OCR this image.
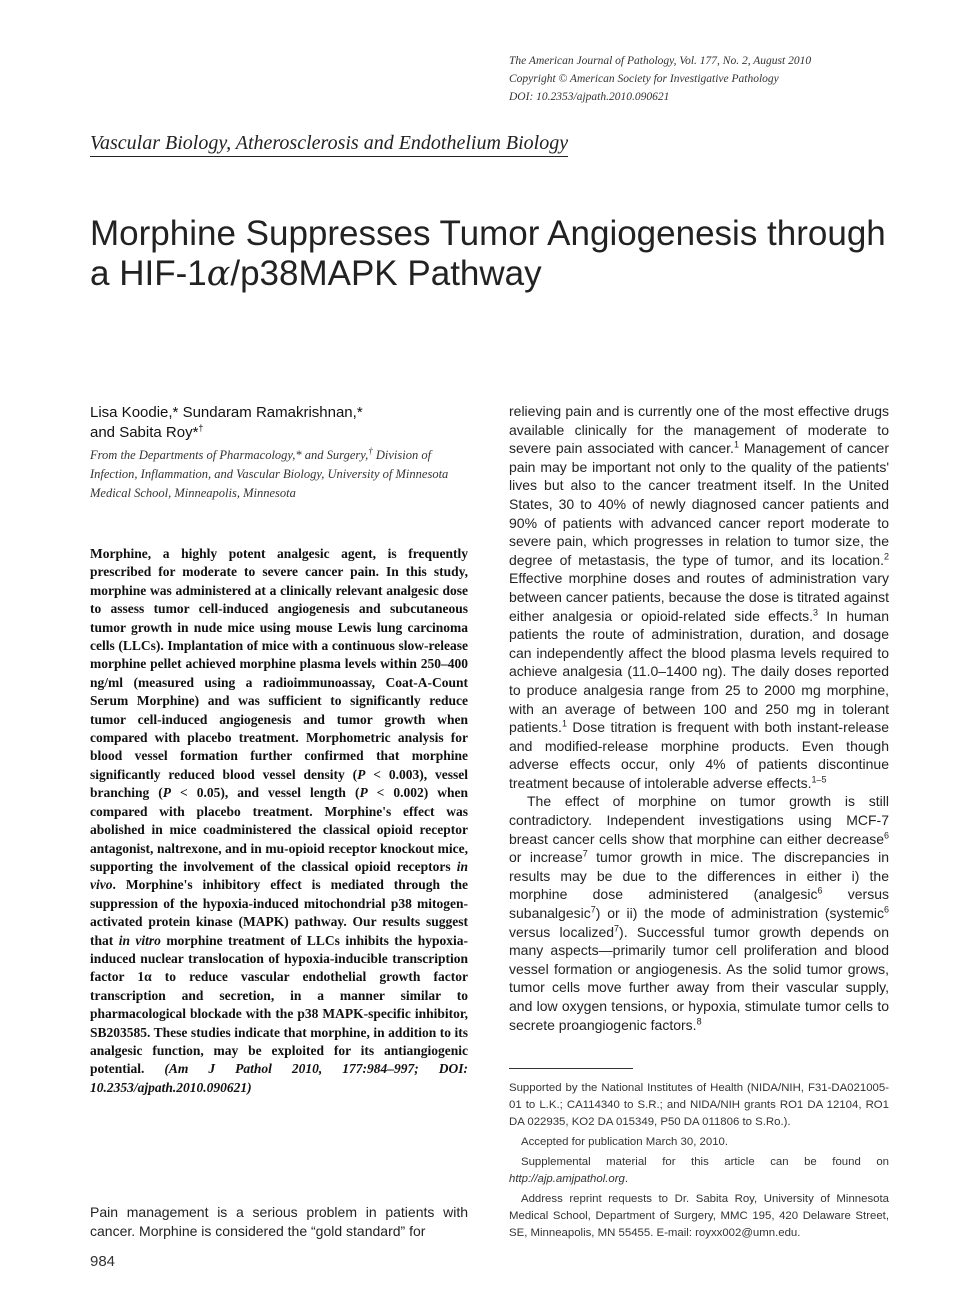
The American Journal of Pathology, Vol. 177, No. 2, August 2010
Copyright © American Society for Investigative Pathology
DOI: 10.2353/ajpath.2010.090621
Vascular Biology, Atherosclerosis and Endothelium Biology
Morphine Suppresses Tumor Angiogenesis through
a HIF-1α/p38MAPK Pathway
Lisa Koodie,* Sundaram Ramakrishnan,*
and Sabita Roy*†
From the Departments of Pharmacology,* and Surgery,† Division of Infection, Inflammation, and Vascular Biology, University of Minnesota Medical School, Minneapolis, Minnesota
Morphine, a highly potent analgesic agent, is frequently prescribed for moderate to severe cancer pain. In this study, morphine was administered at a clinically relevant analgesic dose to assess tumor cell-induced angiogenesis and subcutaneous tumor growth in nude mice using mouse Lewis lung carcinoma cells (LLCs). Implantation of mice with a continuous slow-release morphine pellet achieved morphine plasma levels within 250–400 ng/ml (measured using a radioimmunoassay, Coat-A-Count Serum Morphine) and was sufficient to significantly reduce tumor cell-induced angiogenesis and tumor growth when compared with placebo treatment. Morphometric analysis for blood vessel formation further confirmed that morphine significantly reduced blood vessel density (P < 0.003), vessel branching (P < 0.05), and vessel length (P < 0.002) when compared with placebo treatment. Morphine's effect was abolished in mice coadministered the classical opioid receptor antagonist, naltrexone, and in mu-opioid receptor knockout mice, supporting the involvement of the classical opioid receptors in vivo. Morphine's inhibitory effect is mediated through the suppression of the hypoxia-induced mitochondrial p38 mitogen-activated protein kinase (MAPK) pathway. Our results suggest that in vitro morphine treatment of LLCs inhibits the hypoxia-induced nuclear translocation of hypoxia-inducible transcription factor 1α to reduce vascular endothelial growth factor transcription and secretion, in a manner similar to pharmacological blockade with the p38 MAPK-specific inhibitor, SB203585. These studies indicate that morphine, in addition to its analgesic function, may be exploited for its antiangiogenic potential. (Am J Pathol 2010, 177:984–997; DOI: 10.2353/ajpath.2010.090621)
Pain management is a serious problem in patients with cancer. Morphine is considered the “gold standard” for
984

relieving pain and is currently one of the most effective drugs available clinically for the management of moderate to severe pain associated with cancer.$^1$ Management of cancer pain may be important not only to the quality of the patients' lives but also to the cancer treatment itself. In the United States, 30 to 40% of newly diagnosed cancer patients and 90% of patients with advanced cancer report moderate to severe pain, which progresses in relation to tumor size, the degree of metastasis, the type of tumor, and its location.$^2$ Effective morphine doses and routes of administration vary between cancer patients, because the dose is titrated against either analgesia or opioid-related side effects.$^3$ In human patients the route of administration, duration, and dosage can independently affect the blood plasma levels required to achieve analgesia (11.0–1400 ng). The daily doses reported to produce analgesia range from 25 to 2000 mg morphine, with an average of between 100 and 250 mg in tolerant patients.$^1$ Dose titration is frequent with both instant-release and modified-release morphine products. Even though adverse effects occur, only 4% of patients discontinue treatment because of intolerable adverse effects.$^{1-5}$

The effect of morphine on tumor growth is still contradictory. Independent investigations using MCF-7 breast cancer cells show that morphine can either decrease$^6$ or increase$^7$ tumor growth in mice. The discrepancies in results may be due to the differences in either i) the morphine dose administered (analgesic$^6$ versus subanalgesic$^7$) or ii) the mode of administration (systemic$^6$ versus localized$^7$). Successful tumor growth depends on many aspects—primarily tumor cell proliferation and blood vessel formation or angiogenesis. As the solid tumor grows, tumor cells move further away from their vascular supply, and low oxygen tensions, or hypoxia, stimulate tumor cells to secrete proangiogenic factors.$^8$

Supported by the National Institutes of Health (NIDA/NIH, F31-DA021005-01 to L.K.; CA114340 to S.R.; and NIDA/NIH grants RO1 DA 12104, RO1 DA 022935, KO2 DA 015349, P50 DA 011806 to S.Ro.).

Accepted for publication March 30, 2010.

Supplemental material for this article can be found on http://ajp.amjpathol.org.

Address reprint requests to Dr. Sabita Roy, University of Minnesota Medical School, Department of Surgery, MMC 195, 420 Delaware Street, SE, Minneapolis, MN 55455. E-mail: royxx002@umn.edu.
